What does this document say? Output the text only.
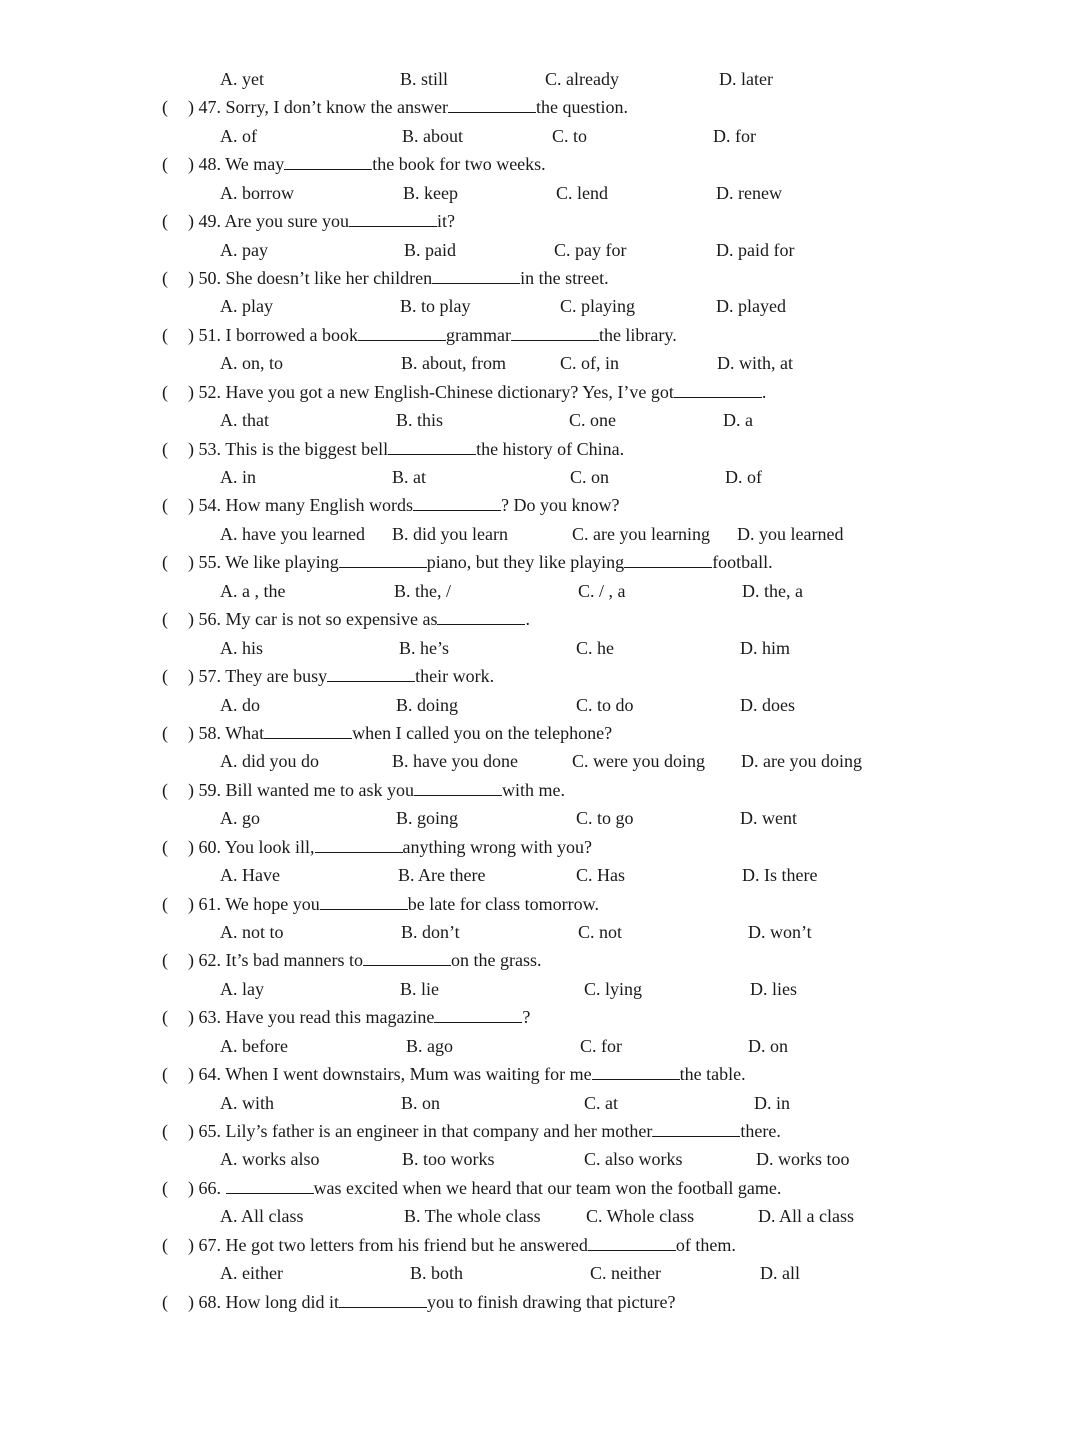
A. yet	B. still	C. already	D. later
( ) 47. Sorry, I don’t know the answer	the question.
A. of	B. about	C. to	D. for
( ) 48. We may	the book for two weeks.
A. borrow	B. keep	C. lend	D. renew
( ) 49. Are you sure you	it?
A. pay	B. paid	C. pay for	D. paid for
( ) 50. She doesn’t like her children	in the street.
A. play	B. to play	C. playing	D. played
( ) 51. I borrowed a book	grammar	the library.
A. on, to	B. about, from	C. of, in	D. with, at
( ) 52. Have you got a new English-Chinese dictionary? Yes, I’ve got	.
A. that	B. this	C. one	D. a
( ) 53. This is the biggest bell	the history of China.
A. in	B. at	C. on	D. of
( ) 54. How many English words	? Do you know?
A. have you learned B. did you learn	C. are you learning D. you learned
( ) 55. We like playing	piano, but they like playing	football.
A. a , the	B. the, /	C. / , a	D. the, a
( ) 56. My car is not so expensive as	.
A. his	B. he’s	C. he	D. him
( ) 57. They are busy	their work.
A. do	B. doing	C. to do	D. does
( ) 58. What	when I called you on the telephone?
A. did you do	B. have you done	C. were you doing D. are you doing
( ) 59. Bill wanted me to ask you	with me.
A. go	B. going	C. to go	D. went
( ) 60. You look ill,	anything wrong with you?
A. Have	B. Are there	C. Has	D. Is there
( ) 61. We hope you	be late for class tomorrow.
A. not to	B. don’t	C. not	D. won’t
( ) 62. It’s bad manners to	on the grass.
A. lay	B. lie	C. lying	D. lies
( ) 63. Have you read this magazine	?
A. before	B. ago	C. for	D. on
( ) 64. When I went downstairs, Mum was waiting for me	the table.
A. with	B. on	C. at	D. in
( ) 65. Lily’s father is an engineer in that company and her mother	there.
A. works also	B. too works	C. also works	D. works too
( ) 66.	was excited when we heard that our team won the football game.
A. All class	B. The whole class	C. Whole class	D. All a class
( ) 67. He got two letters from his friend but he answered	of them.
A. either	B. both	C. neither	D. all
( ) 68. How long did it	you to finish drawing that picture?
